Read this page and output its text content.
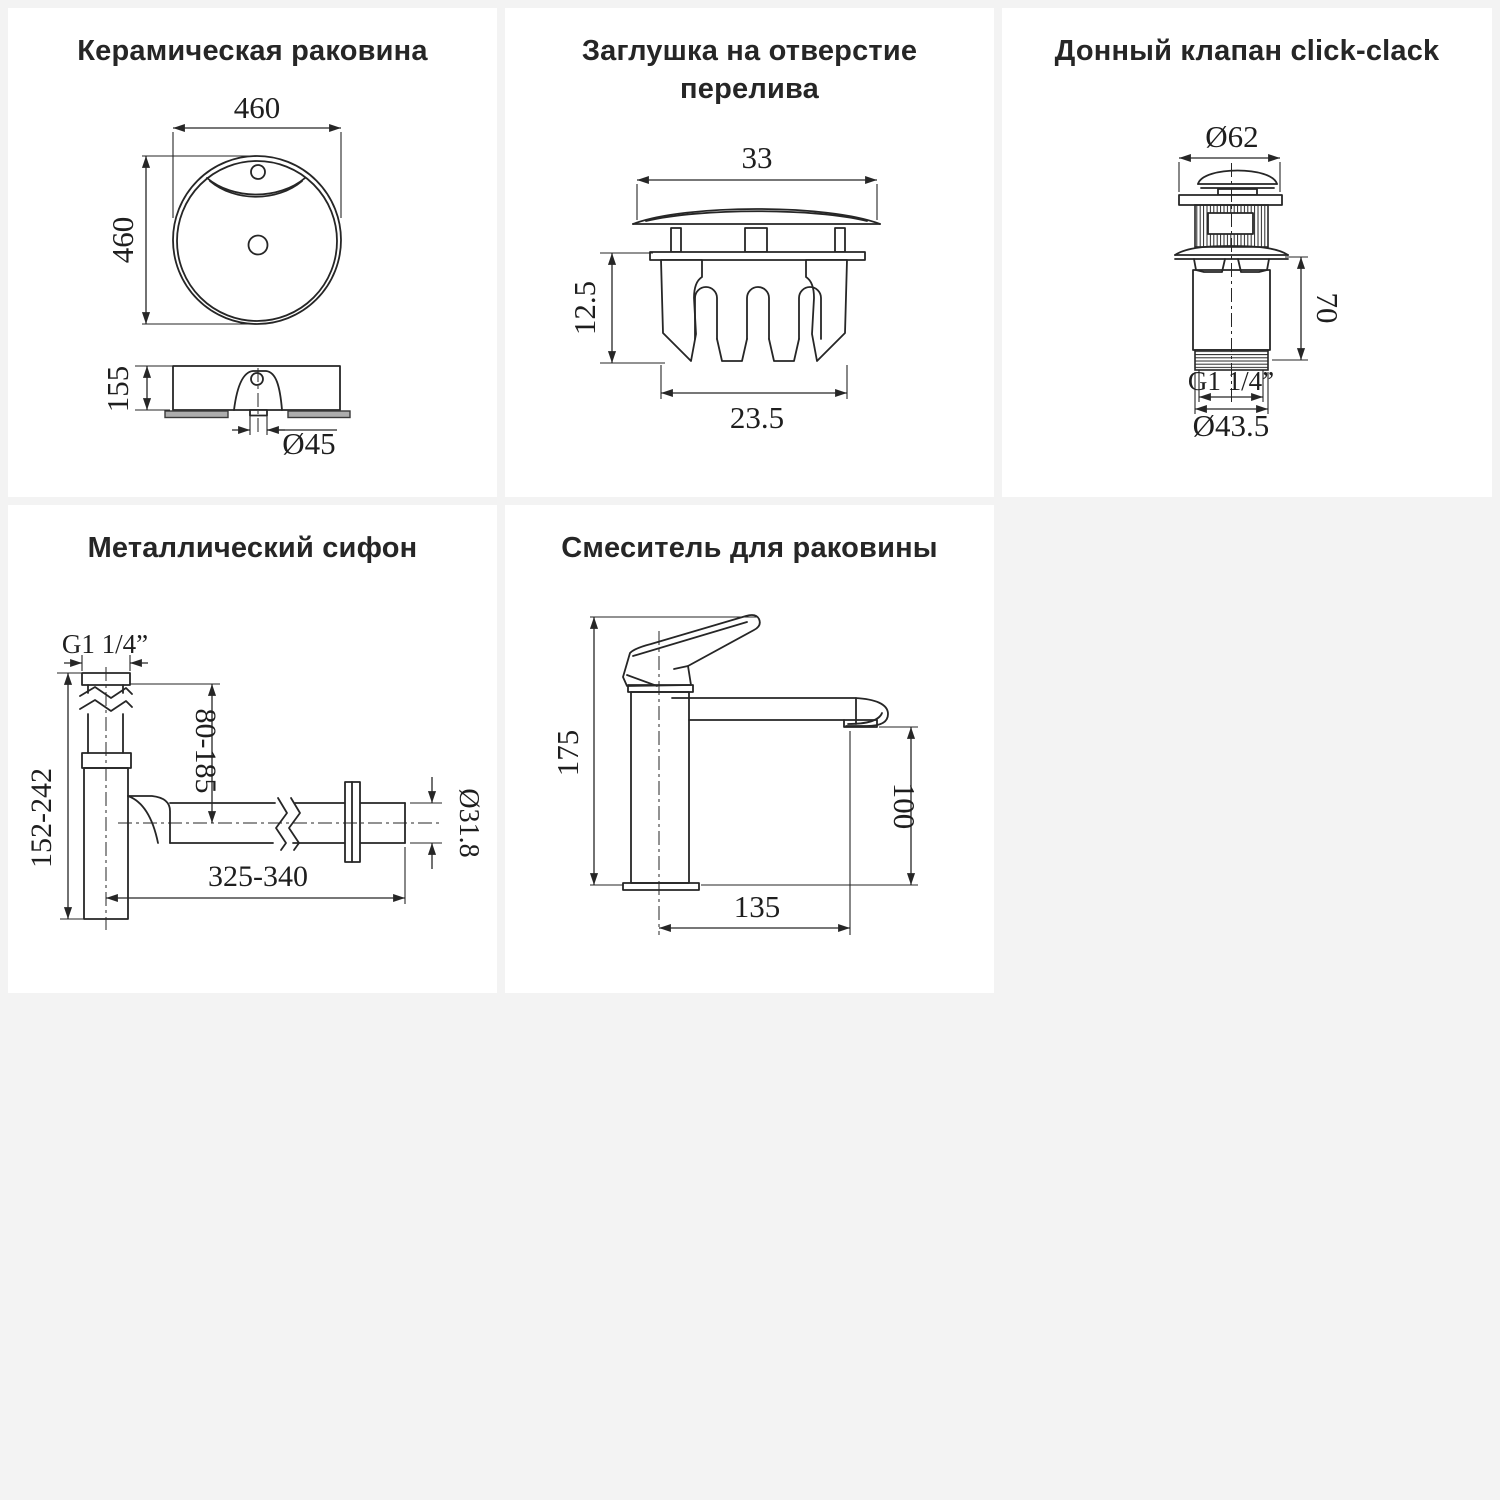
Керамическая раковина
460
460
155
Ø45
Заглушка на отверстие
перелива
33
12.5
23.5
Донный клапан click-clack
Ø62
70
G1 1/4”
Ø43.5
Металлический сифон
G1 1/4”
80-185
152-242	Ø31.8
325-340
Смеситель для раковины
175
100
135
